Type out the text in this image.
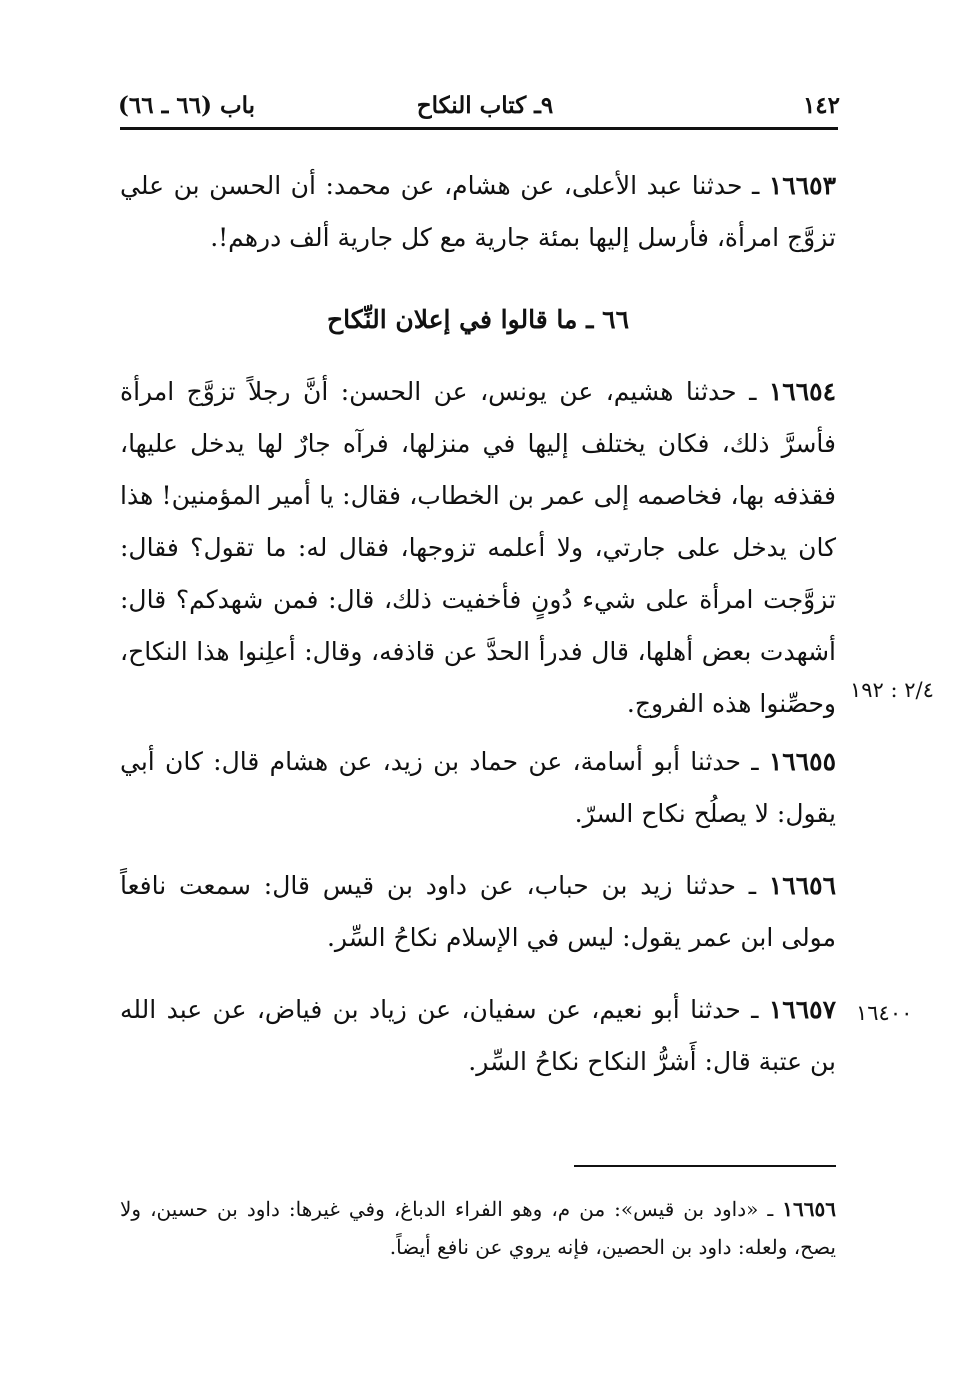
١٤٢
٩ـ كتاب النكاح
باب (٦٦ ـ ٦٦)
١٦٦٥٣ ـ حدثنا عبد الأعلى، عن هشام، عن محمد: أن الحسن بن علي تزوَّج امرأة، فأرسل إليها بمئة جارية مع كل جارية ألف درهم!.
٦٦ ـ ما قالوا في إعلان النِّكاح
١٦٦٥٤ ـ حدثنا هشيم، عن يونس، عن الحسن: أنَّ رجلاً تزوَّج امرأة فأسرَّ ذلك، فكان يختلف إليها في منزلها، فرآه جارٌ لها يدخل عليها، فقذفه بها، فخاصمه إلى عمر بن الخطاب، فقال: يا أمير المؤمنين! هذا كان يدخل على جارتي، ولا أعلمه تزوجها، فقال له: ما تقول؟ فقال: تزوَّجت امرأة على شيء دُونٍ فأخفيت ذلك، قال: فمن شهدكم؟ قال: أشهدت بعض أهلها، قال فدرأ الحدَّ عن قاذفه، وقال: أعلِنوا هذا النكاح، وحصِّنوا هذه الفروج. ٢/٤ : ١٩٢
١٦٦٥٥ ـ حدثنا أبو أسامة، عن حماد بن زيد، عن هشام قال: كان أبي يقول: لا يصلُح نكاح السرّ.
١٦٦٥٦ ـ حدثنا زيد بن حباب، عن داود بن قيس قال: سمعت نافعاً مولى ابن عمر يقول: ليس في الإسلام نكاحُ السِّر.
١٦٤٠٠
١٦٦٥٧ ـ حدثنا أبو نعيم، عن سفيان، عن زياد بن فياض، عن عبد الله بن عتبة قال: أَشرُّ النكاح نكاحُ السِّر.
١٦٦٥٦ ـ «داود بن قيس»: من م، وهو الفراء الدباغ، وفي غيرها: داود بن حسين، ولا يصح، ولعله: داود بن الحصين، فإنه يروي عن نافع أيضاً.
